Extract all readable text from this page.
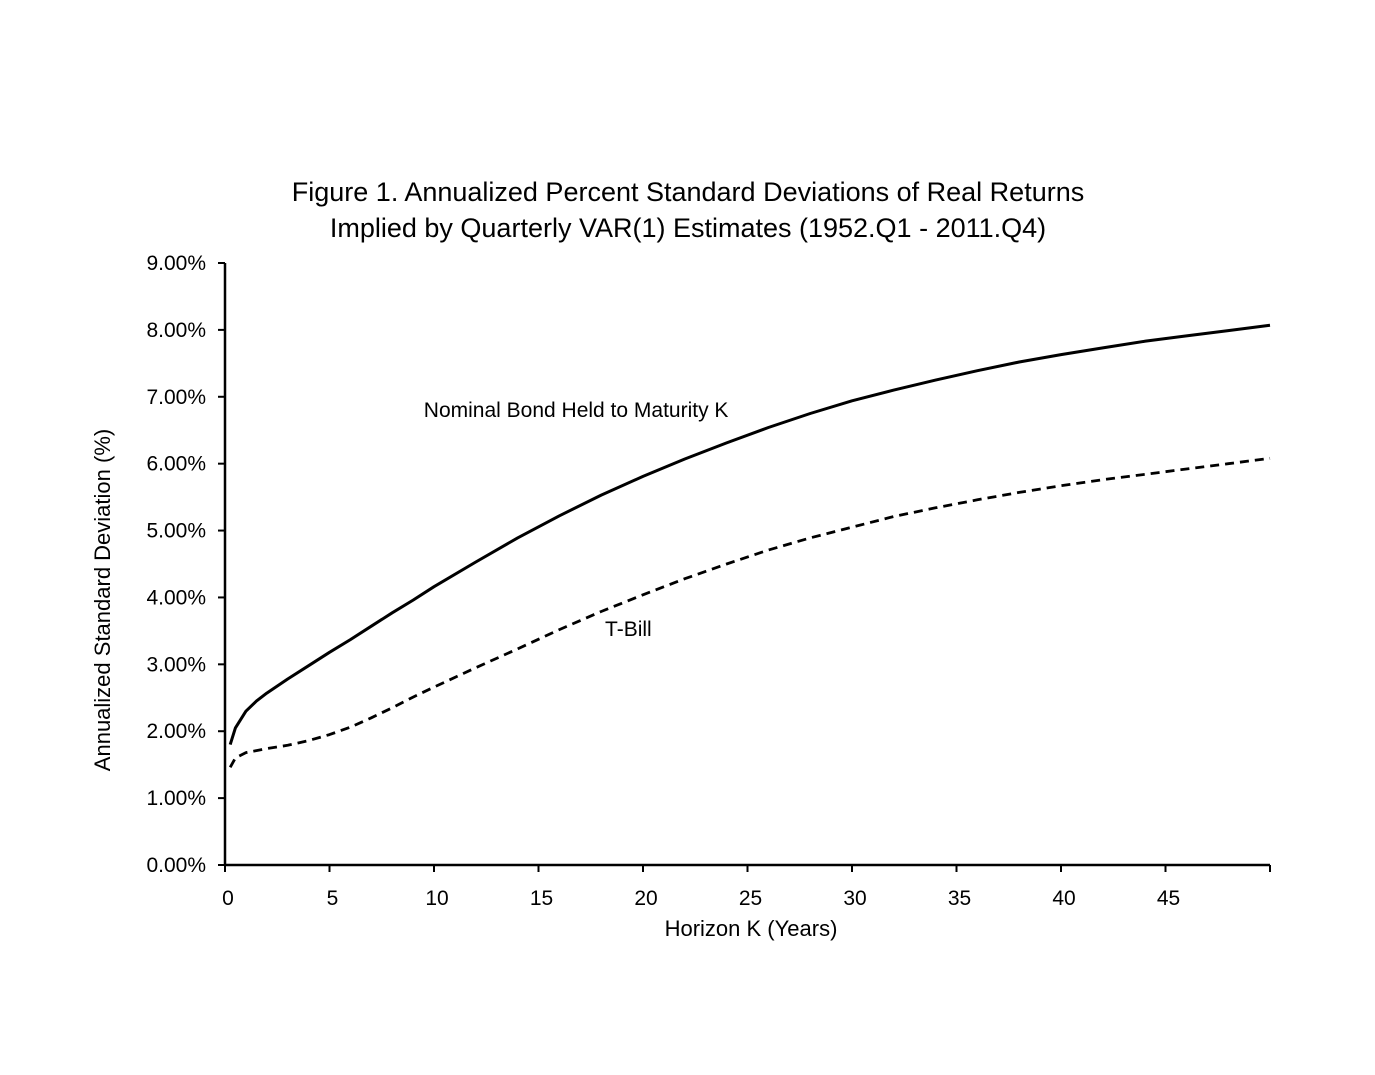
Figure 1. Annualized Percent Standard Deviations of Real Returns
Implied by Quarterly VAR(1) Estimates (1952.Q1 - 2011.Q4)
0.00%
1.00%
2.00%
3.00%
4.00%
5.00%
6.00%
7.00%
8.00%
9.00%
0	5	10	15	20	25	30	35	40	45
Horizon K (Years)
Annualized Standard Deviation (%)
Nominal Bond Held to Maturity K
T-Bill
